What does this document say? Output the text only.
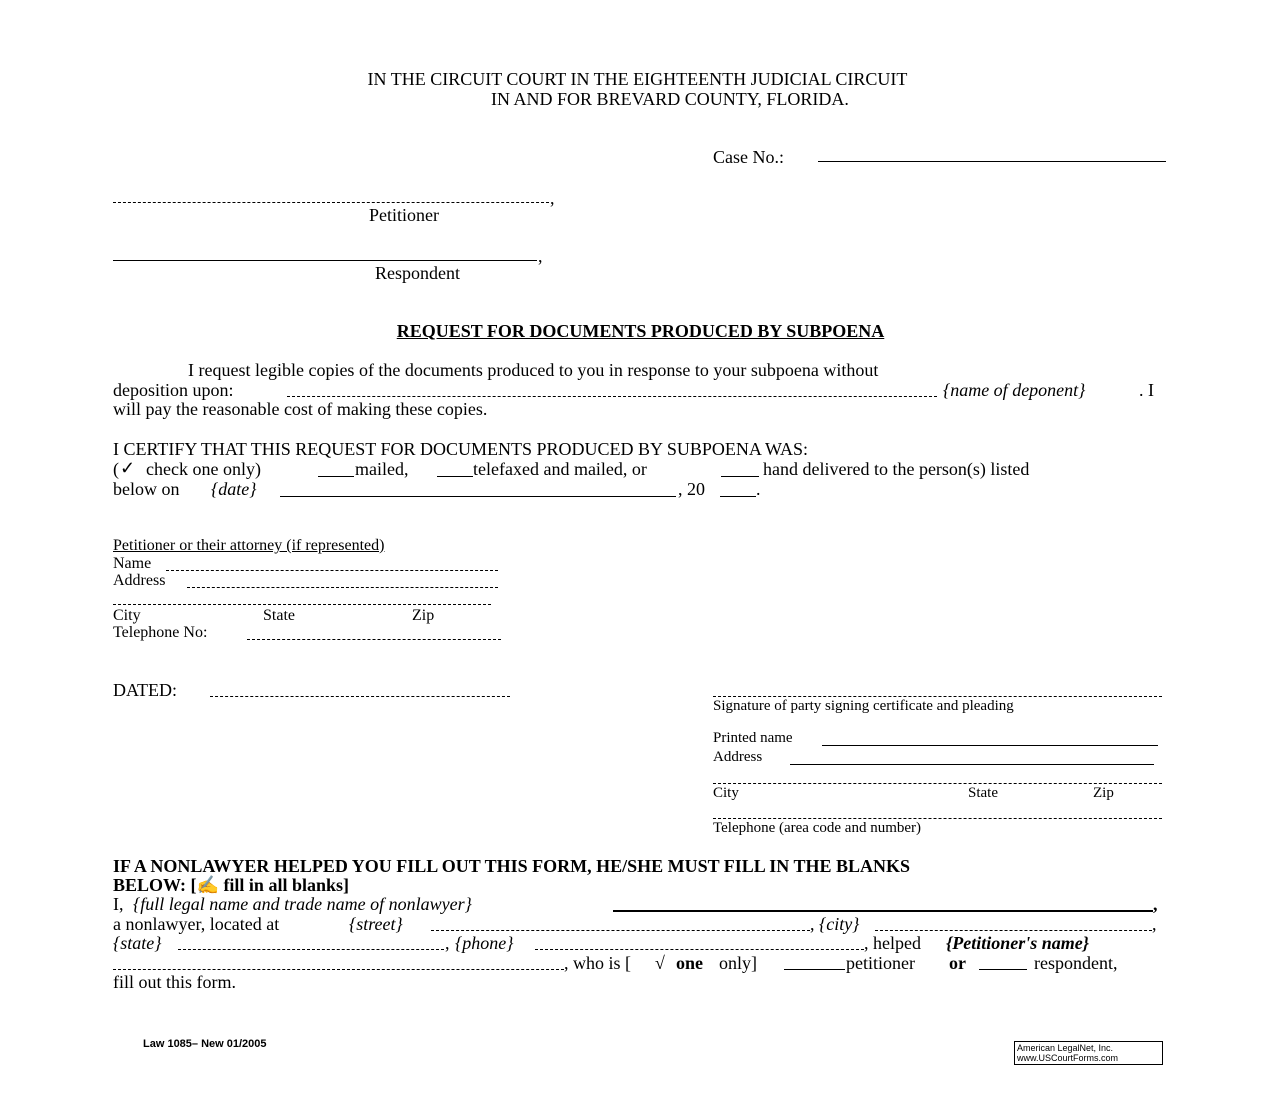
IN THE CIRCUIT COURT IN THE EIGHTEENTH JUDICIAL CIRCUIT
IN AND FOR BREVARD COUNTY, FLORIDA.
Case No.:
,
Petitioner
,
Respondent
REQUEST FOR DOCUMENTS PRODUCED BY SUBPOENA
I request legible copies of the documents produced to you in response to your subpoena without
deposition upon:	{name of deponent}	. I
will pay the reasonable cost of making these copies.
I CERTIFY THAT THIS REQUEST FOR DOCUMENTS PRODUCED BY SUBPOENA WAS:
( ✓ check one only)	mailed,	telefaxed and mailed, or	hand delivered to the person(s) listed
below on {date}	, 20	.
Petitioner or their attorney (if represented)
Name
Address
City	State	Zip
Telephone No:
DATED:
Signature of party signing certificate and pleading
Printed name
Address
City	State	Zip
Telephone (area code and number)
IF A NONLAWYER HELPED YOU FILL OUT THIS FORM, HE/SHE MUST FILL IN THE BLANKS
BELOW: [✍ fill in all blanks]
I, {full legal name and trade name of nonlawyer}	,
a nonlawyer, located at	{street}	, {city}	,
{state}	, {phone}	, helped {Petitioner's name}
, who is [ √ one only]	petitioner or	respondent,
fill out this form.
Law 1085– New 01/2005	American LegalNet, Inc.
www.USCourtForms.com
